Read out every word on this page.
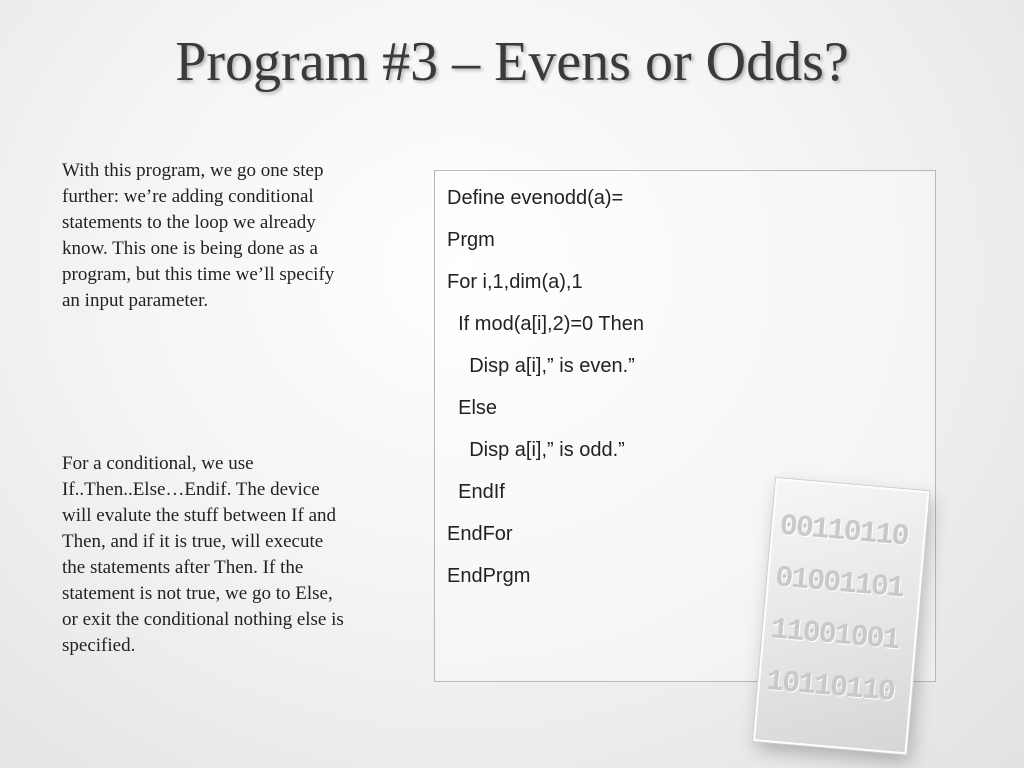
Program #3 – Evens or Odds?
With this program, we go one step further: we’re adding conditional statements to the loop we already know. This one is being done as a program, but this time we’ll specify an input parameter.
For a conditional, we use If..Then..Else…Endif. The device will evalute the stuff between If and Then, and if it is true, will execute the statements after Then. If the statement is not true, we go to Else, or exit the conditional nothing else is specified.
Define evenodd(a)=
Prgm
For i,1,dim(a),1
If mod(a[i],2)=0 Then
Disp a[i],” is even.”
Else
Disp a[i],” is odd.”
EndIf
EndFor
EndPrgm
00110110
01001101
11001001
10110110
